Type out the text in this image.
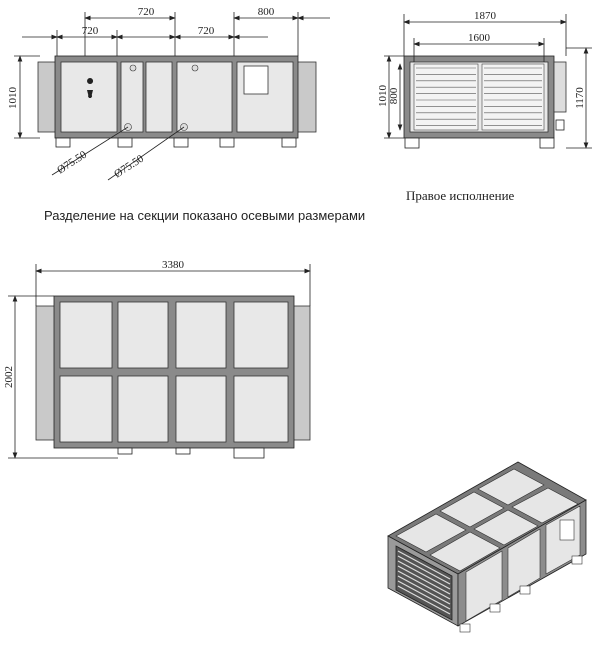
720	800
720	720
1010
Ø75.50 Ø75.50
1870
1600
1010 800	1170
3380
2002
Правое исполнение
Разделение на секции показано осевыми размерами
